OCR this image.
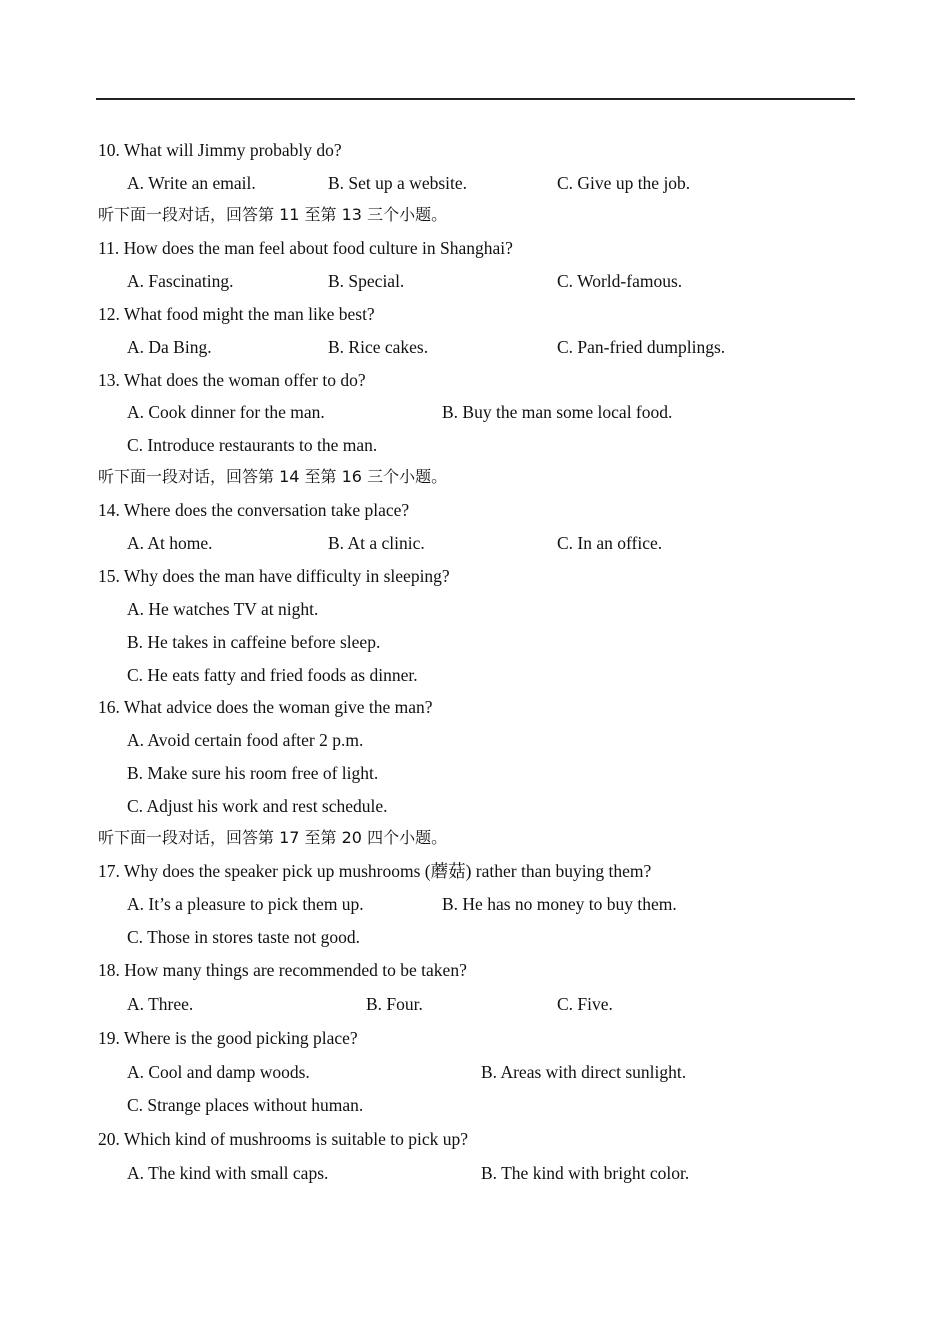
10. What will Jimmy probably do?
A. Write an email.	B. Set up a website.	C. Give up the job.
听下面一段对话，回答第 11 至第 13 三个小题。
11. How does the man feel about food culture in Shanghai?
A. Fascinating.	B. Special.	C. World-famous.
12. What food might the man like best?
A. Da Bing.	B. Rice cakes.	C. Pan-fried dumplings.
13. What does the woman offer to do?
A. Cook dinner for the man.	B. Buy the man some local food.
C. Introduce restaurants to the man.
听下面一段对话，回答第 14 至第 16 三个小题。
14. Where does the conversation take place?
A. At home.	B. At a clinic.	C. In an office.
15. Why does the man have difficulty in sleeping?
A. He watches TV at night.
B. He takes in caffeine before sleep.
C. He eats fatty and fried foods as dinner.
16. What advice does the woman give the man?
A. Avoid certain food after 2 p.m.
B. Make sure his room free of light.
C. Adjust his work and rest schedule.
听下面一段对话，回答第 17 至第 20 四个小题。
17. Why does the speaker pick up mushrooms (蘑菇) rather than buying them?
A. It’s a pleasure to pick them up.	B. He has no money to buy them.
C. Those in stores taste not good.
18. How many things are recommended to be taken?
A. Three.	B. Four.	C. Five.
19. Where is the good picking place?
A. Cool and damp woods.	B. Areas with direct sunlight.
C. Strange places without human.
20. Which kind of mushrooms is suitable to pick up?
A. The kind with small caps.	B. The kind with bright color.
